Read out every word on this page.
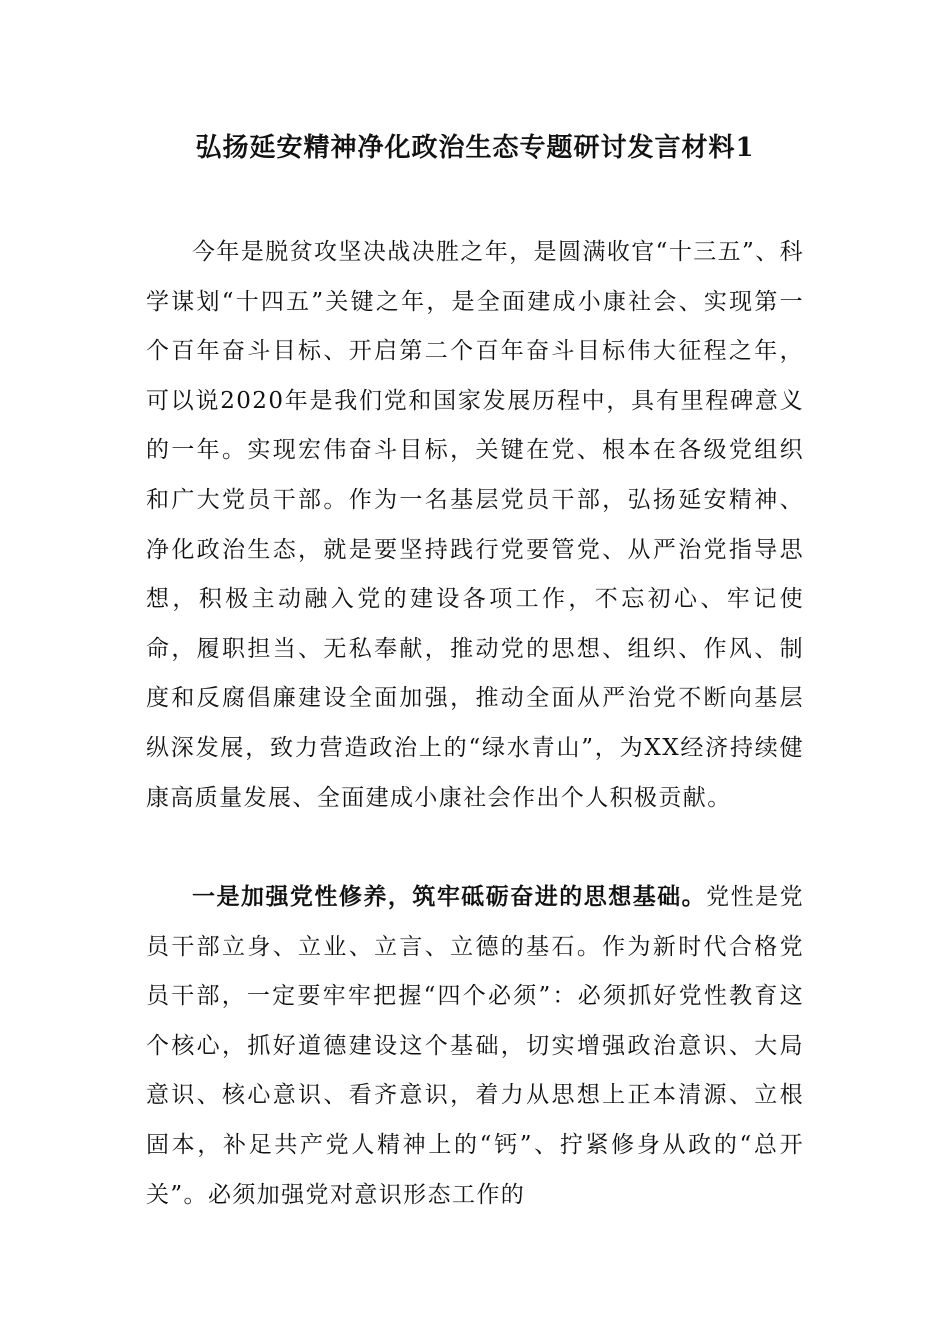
弘扬延安精神净化政治生态专题研讨发言材料1

今年是脱贫攻坚决战决胜之年，是圆满收官“十三五”、科学谋划“十四五”关键之年，是全面建成小康社会、实现第一个百年奋斗目标、开启第二个百年奋斗目标伟大征程之年，可以说2020年是我们党和国家发展历程中，具有里程碑意义的一年。实现宏伟奋斗目标，关键在党、根本在各级党组织和广大党员干部。作为一名基层党员干部，弘扬延安精神、净化政治生态，就是要坚持践行党要管党、从严治党指导思想，积极主动融入党的建设各项工作，不忘初心、牢记使命，履职担当、无私奉献，推动党的思想、组织、作风、制度和反腐倡廉建设全面加强，推动全面从严治党不断向基层纵深发展，致力营造政治上的“绿水青山”，为XX经济持续健康高质量发展、全面建成小康社会作出个人积极贡献。

一是加强党性修养，筑牢砥砺奋进的思想基础。党性是党员干部立身、立业、立言、立德的基石。作为新时代合格党员干部，一定要牢牢把握“四个必须”：必须抓好党性教育这个核心，抓好道德建设这个基础，切实增强政治意识、大局意识、核心意识、看齐意识，着力从思想上正本清源、立根固本，补足共产党人精神上的“钙”、拧紧修身从政的“总开关”。必须加强党对意识形态工作的
